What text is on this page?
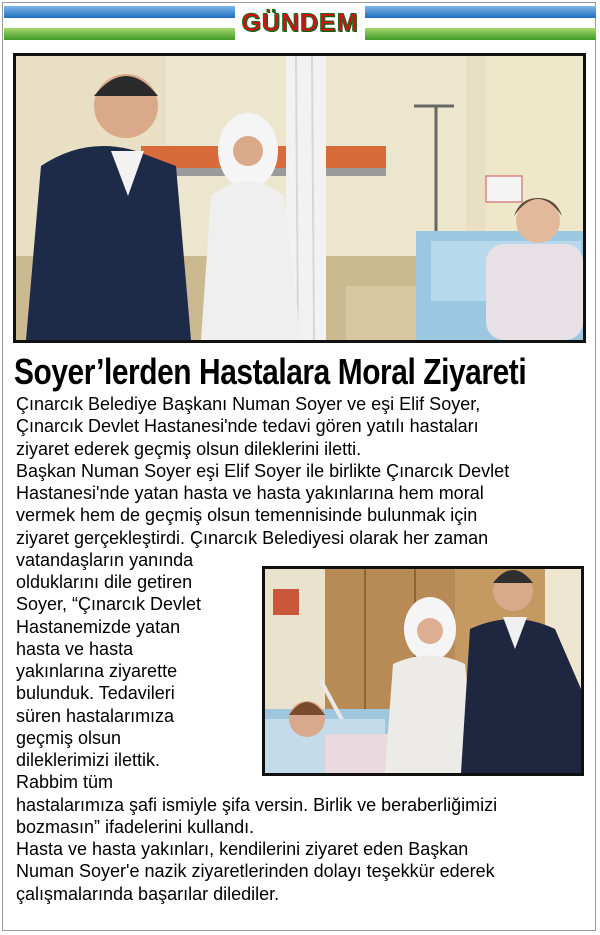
GÜNDEM
Soyer’lerden Hastalara Moral Ziyareti

Çınarcık Belediye Başkanı Numan Soyer ve eşi Elif Soyer,

Çınarcık Devlet Hastanesi'nde tedavi gören yatılı hastaları

ziyaret ederek geçmiş olsun dileklerini iletti.

Başkan Numan Soyer eşi Elif Soyer ile birlikte Çınarcık Devlet

Hastanesi'nde yatan hasta ve hasta yakınlarına hem moral

vermek hem de geçmiş olsun temennisinde bulunmak için

ziyaret gerçekleştirdi. Çınarcık Belediyesi olarak her zaman

vatandaşların yanında

olduklarını dile getiren

Soyer, “Çınarcık Devlet

Hastanemizde yatan

hasta ve hasta

yakınlarına ziyarette

bulunduk. Tedavileri

süren hastalarımıza

geçmiş olsun

dileklerimizi ilettik.

Rabbim tüm

hastalarımıza şafi ismiyle şifa versin. Birlik ve beraberliğimizi

bozmasın” ifadelerini kullandı.

Hasta ve hasta yakınları, kendilerini ziyaret eden Başkan

Numan Soyer'e nazik ziyaretlerinden dolayı teşekkür ederek

çalışmalarında başarılar dilediler.
